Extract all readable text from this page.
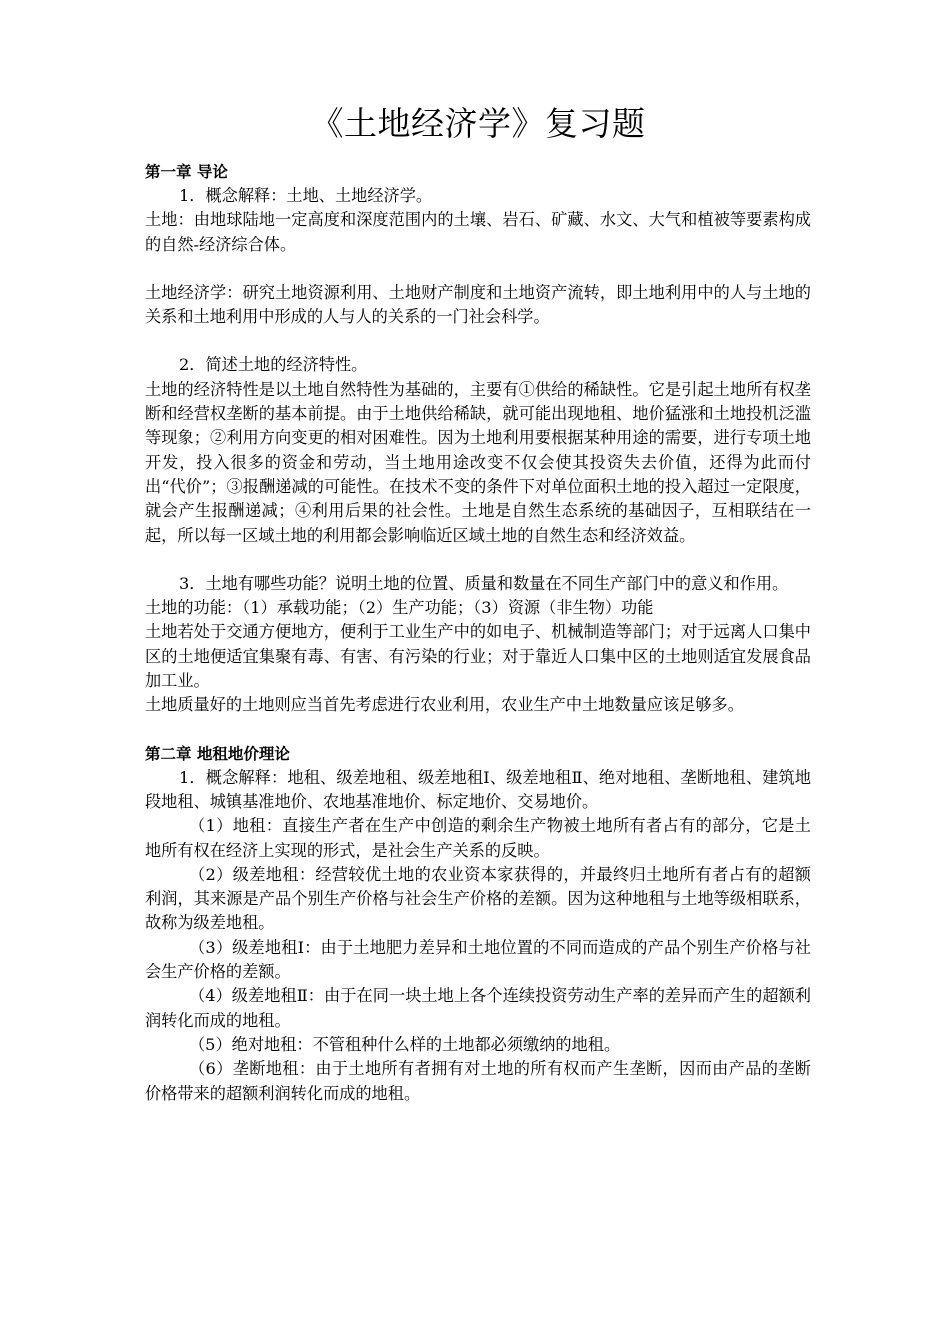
《土地经济学》复习题
第一章 导论

1．概念解释：土地、土地经济学。

土地：由地球陆地一定高度和深度范围内的土壤、岩石、矿藏、水文、大气和植被等要素构成的自然-经济综合体。

土地经济学：研究土地资源利用、土地财产制度和土地资产流转，即土地利用中的人与土地的关系和土地利用中形成的人与人的关系的一门社会科学。

2．简述土地的经济特性。

土地的经济特性是以土地自然特性为基础的，主要有①供给的稀缺性。它是引起土地所有权垄断和经营权垄断的基本前提。由于土地供给稀缺，就可能出现地租、地价猛涨和土地投机泛滥等现象；②利用方向变更的相对困难性。因为土地利用要根据某种用途的需要，进行专项土地开发，投入很多的资金和劳动，当土地用途改变不仅会使其投资失去价值，还得为此而付出“代价”；③报酬递减的可能性。在技术不变的条件下对单位面积土地的投入超过一定限度，就会产生报酬递减；④利用后果的社会性。土地是自然生态系统的基础因子，互相联结在一起，所以每一区域土地的利用都会影响临近区域土地的自然生态和经济效益。

3．土地有哪些功能？说明土地的位置、质量和数量在不同生产部门中的意义和作用。

土地的功能：（1）承载功能；（2）生产功能；（3）资源（非生物）功能

土地若处于交通方便地方，便利于工业生产中的如电子、机械制造等部门；对于远离人口集中区的土地便适宜集聚有毒、有害、有污染的行业；对于靠近人口集中区的土地则适宜发展食品加工业。

土地质量好的土地则应当首先考虑进行农业利用，农业生产中土地数量应该足够多。

第二章 地租地价理论

1．概念解释：地租、级差地租、级差地租Ⅰ、级差地租Ⅱ、绝对地租、垄断地租、建筑地段地租、城镇基准地价、农地基准地价、标定地价、交易地价。

（1）地租：直接生产者在生产中创造的剩余生产物被土地所有者占有的部分，它是土地所有权在经济上实现的形式，是社会生产关系的反映。

（2）级差地租：经营较优土地的农业资本家获得的，并最终归土地所有者占有的超额利润，其来源是产品个别生产价格与社会生产价格的差额。因为这种地租与土地等级相联系，故称为级差地租。

（3）级差地租Ⅰ：由于土地肥力差异和土地位置的不同而造成的产品个别生产价格与社会生产价格的差额。

（4）级差地租Ⅱ：由于在同一块土地上各个连续投资劳动生产率的差异而产生的超额利润转化而成的地租。

（5）绝对地租：不管租种什么样的土地都必须缴纳的地租。

（6）垄断地租：由于土地所有者拥有对土地的所有权而产生垄断，因而由产品的垄断价格带来的超额利润转化而成的地租。
